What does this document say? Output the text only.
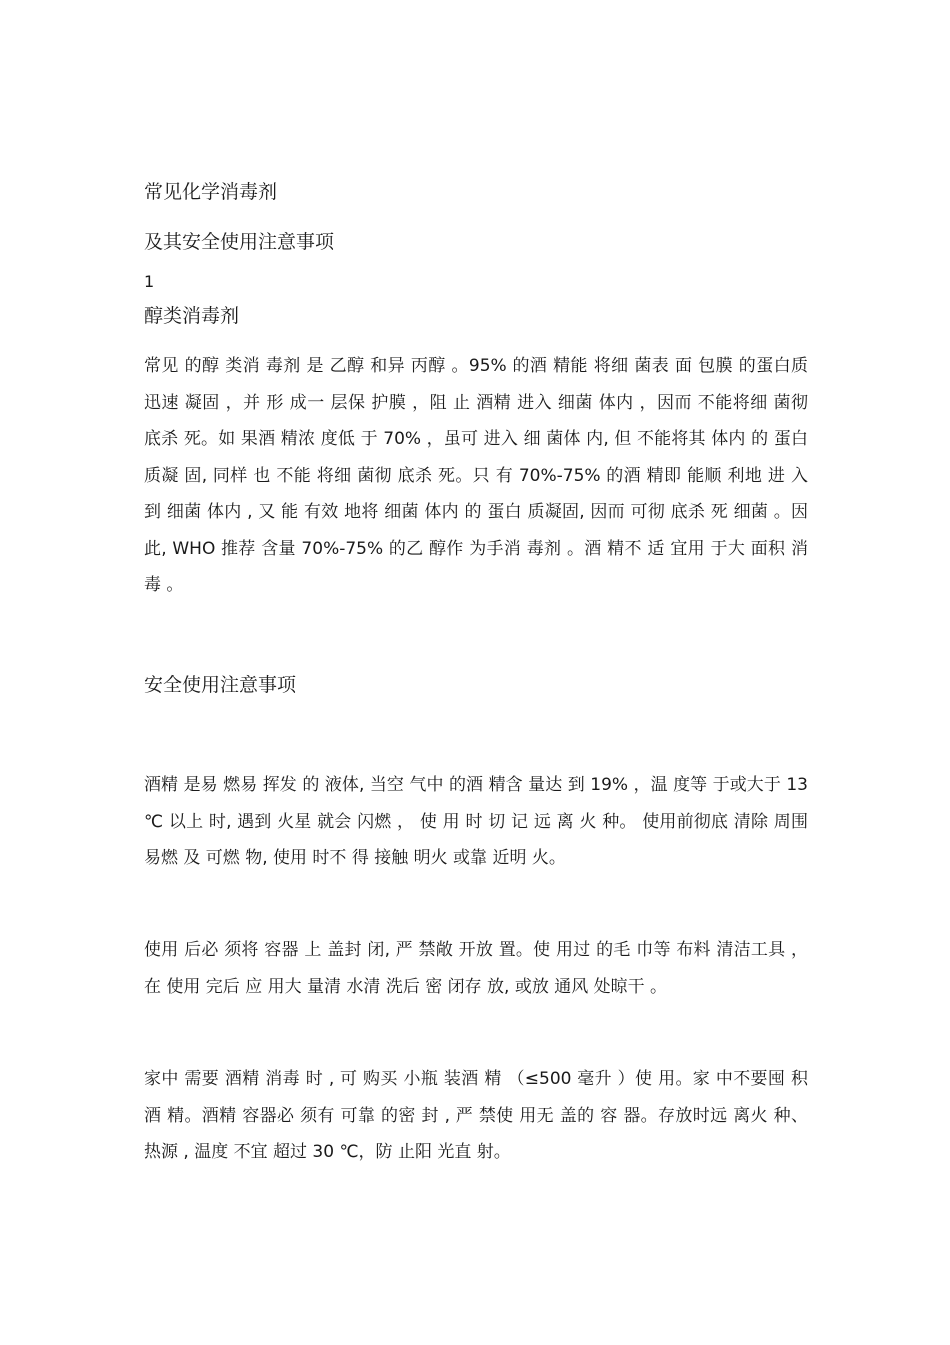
常见化学消毒剂
及其安全使用注意事项
1
醇类消毒剂
常见 的醇 类消 毒剂 是 乙醇 和异 丙醇 。95% 的酒 精能 将细 菌表 面 包膜 的蛋白质 迅速 凝固 ，并 形 成一 层保 护膜 ，阻 止 酒精 进入 细菌 体内 ，因而 不能将细 菌彻 底杀 死。如 果酒 精浓 度低 于 70% ，虽可 进入 细 菌体 内, 但 不能将其 体内 的 蛋白 质凝 固, 同样 也 不能 将细 菌彻 底杀 死。只 有 70%-75% 的酒 精即 能顺 利地 进 入到 细菌 体内 , 又 能 有效 地将 细菌 体内 的 蛋白 质凝固, 因而 可彻 底杀 死 细菌 。因 此, WHO 推荐 含量 70%-75% 的乙 醇作 为手消 毒剂 。酒 精不 适 宜用 于大 面积 消毒 。
安全使用注意事项
酒精 是易 燃易 挥发 的 液体, 当空 气中 的酒 精含 量达 到 19% ，温 度等 于或大于 13 ℃ 以上 时, 遇到 火星 就会 闪燃 ， 使 用 时 切 记 远 离 火 种。 使用前彻底 清除 周围 易燃 及 可燃 物, 使用 时不 得 接触 明火 或靠 近明 火。
使用 后必 须将 容器 上 盖封 闭, 严 禁敞 开放 置。使 用过 的毛 巾等 布料 清洁工具 ，在 使用 完后 应 用大 量清 水清 洗后 密 闭存 放, 或放 通风 处晾干 。
家中 需要 酒精 消毒 时 , 可 购买 小瓶 装酒 精 （≤500 毫升 ）使 用。家 中不要囤 积酒 精。酒精 容器必 须有 可靠 的密 封 , 严 禁使 用无 盖的 容 器。存放时远 离火 种、 热源 , 温度 不宜 超过 30 ℃，防 止阳 光直 射。
